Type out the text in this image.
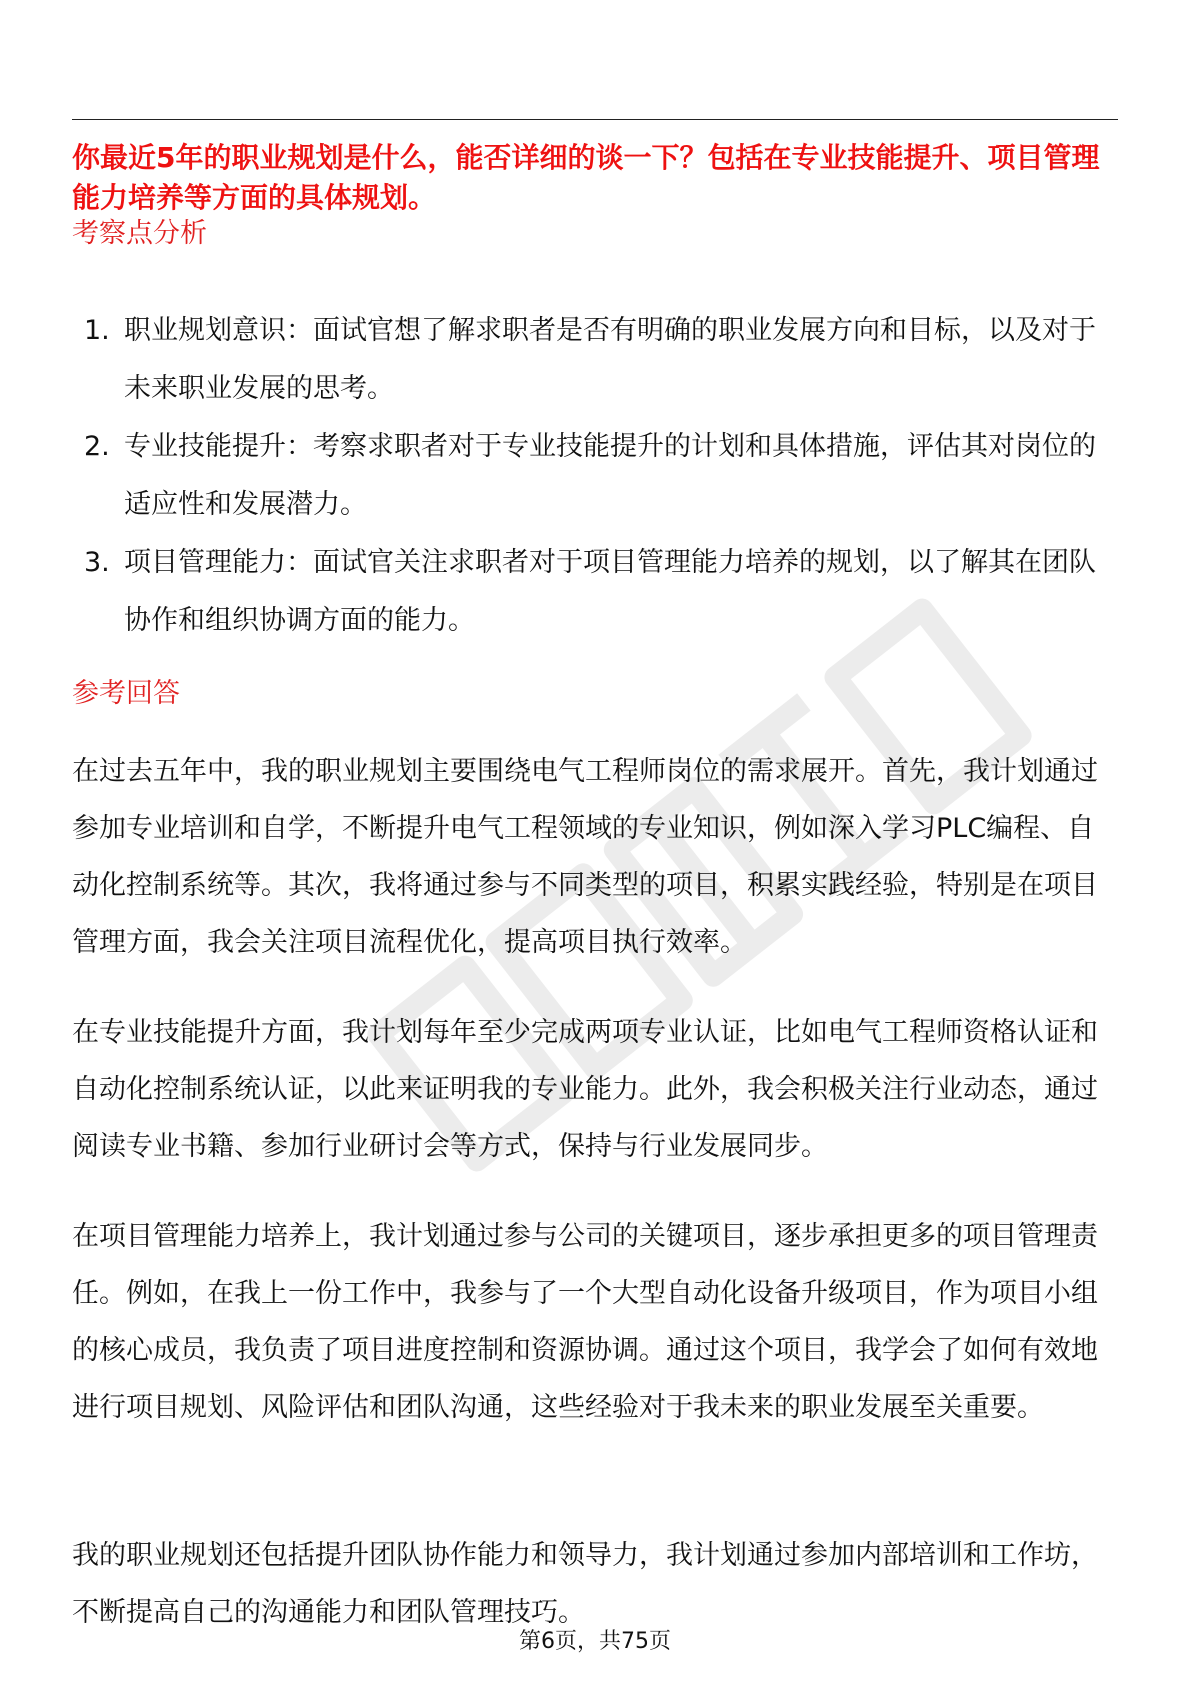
你最近5年的职业规划是什么，能否详细的谈一下？包括在专业技能提升、项目管理能力培养等方面的具体规划。

考察点分析
1. 职业规划意识：面试官想了解求职者是否有明确的职业发展方向和目标，以及对于未来职业发展的思考。
2. 专业技能提升：考察求职者对于专业技能提升的计划和具体措施，评估其对岗位的适应性和发展潜力。
3. 项目管理能力：面试官关注求职者对于项目管理能力培养的规划，以了解其在团队协作和组织协调方面的能力。
参考回答

在过去五年中，我的职业规划主要围绕电气工程师岗位的需求展开。首先，我计划通过参加专业培训和自学，不断提升电气工程领域的专业知识，例如深入学习PLC编程、自动化控制系统等。其次，我将通过参与不同类型的项目，积累实践经验，特别是在项目管理方面，我会关注项目流程优化，提高项目执行效率。

在专业技能提升方面，我计划每年至少完成两项专业认证，比如电气工程师资格认证和自动化控制系统认证，以此来证明我的专业能力。此外，我会积极关注行业动态，通过阅读专业书籍、参加行业研讨会等方式，保持与行业发展同步。

在项目管理能力培养上，我计划通过参与公司的关键项目，逐步承担更多的项目管理责任。例如，在我上一份工作中，我参与了一个大型自动化设备升级项目，作为项目小组的核心成员，我负责了项目进度控制和资源协调。通过这个项目，我学会了如何有效地进行项目规划、风险评估和团队沟通，这些经验对于我未来的职业发展至关重要。

我的职业规划还包括提升团队协作能力和领导力，我计划通过参加内部培训和工作坊，不断提高自己的沟通能力和团队管理技巧。

第6页，共75页
